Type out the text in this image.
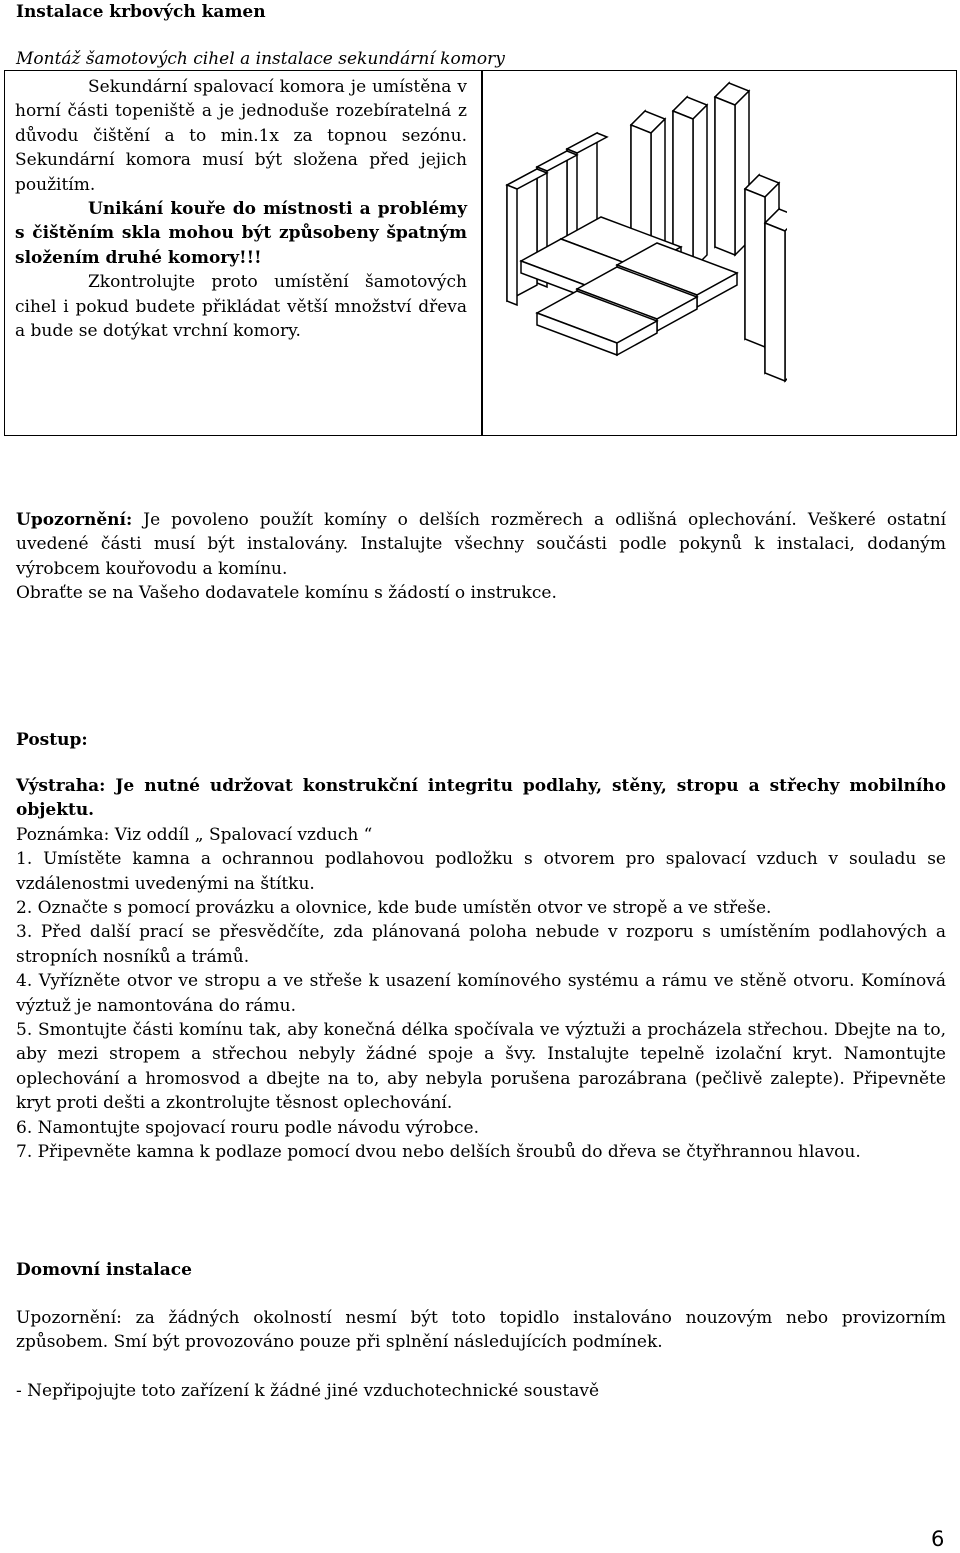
Instalace krbových kamen

Montáž šamotových cihel a instalace sekundární komory

Sekundární spalovací komora je umístěna v horní části topeniště a je jednoduše rozebíratelná z důvodu čištění a to min.1x za topnou sezónu. Sekundární komora musí být složena před jejich použitím.

Unikání kouře do místnosti a problémy s čištěním skla mohou být způsobeny špatným složením druhé komory!!!

Zkontrolujte proto umístění šamotových cihel i pokud budete přikládat větší množství dřeva a bude se dotýkat vrchní komory.

Upozornění: Je povoleno použít komíny o delších rozměrech a odlišná oplechování. Veškeré ostatní uvedené části musí být instalovány. Instalujte všechny součásti podle pokynů k instalaci, dodaným výrobcem kouřovodu a komínu.

Obraťte se na Vašeho dodavatele komínu s žádostí o instrukce.

Postup:

Výstraha: Je nutné udržovat konstrukční integritu podlahy, stěny, stropu a střechy mobilního objektu.

Poznámka: Viz oddíl „ Spalovací vzduch “

1. Umístěte kamna a ochrannou podlahovou podložku s otvorem pro spalovací vzduch v souladu se vzdálenostmi uvedenými na štítku.
2. Označte s pomocí provázku a olovnice, kde bude umístěn otvor ve stropě a ve střeše.
3. Před další prací se přesvědčíte, zda plánovaná poloha nebude v rozporu s umístěním podlahových a stropních nosníků a trámů.
4. Vyřízněte otvor ve stropu a ve střeše k usazení komínového systému a rámu ve stěně otvoru. Komínová výztuž je namontována do rámu.
5. Smontujte části komínu tak, aby konečná délka spočívala ve výztuži a procházela střechou. Dbejte na to, aby mezi stropem a střechou nebyly žádné spoje a švy. Instalujte tepelně izolační kryt. Namontujte oplechování a hromosvod a dbejte na to, aby nebyla porušena parozábrana (pečlivě zalepte). Připevněte kryt proti dešti a zkontrolujte těsnost oplechování.
6. Namontujte spojovací rouru podle návodu výrobce.
7. Připevněte kamna k podlaze pomocí dvou nebo delších šroubů do dřeva se čtyřhrannou hlavou.

Domovní instalace

Upozornění: za žádných okolností nesmí být toto topidlo instalováno nouzovým nebo provizorním způsobem. Smí být provozováno pouze při splnění následujících podmínek.

- Nepřipojujte toto zařízení k žádné jiné vzduchotechnické soustavě

6
